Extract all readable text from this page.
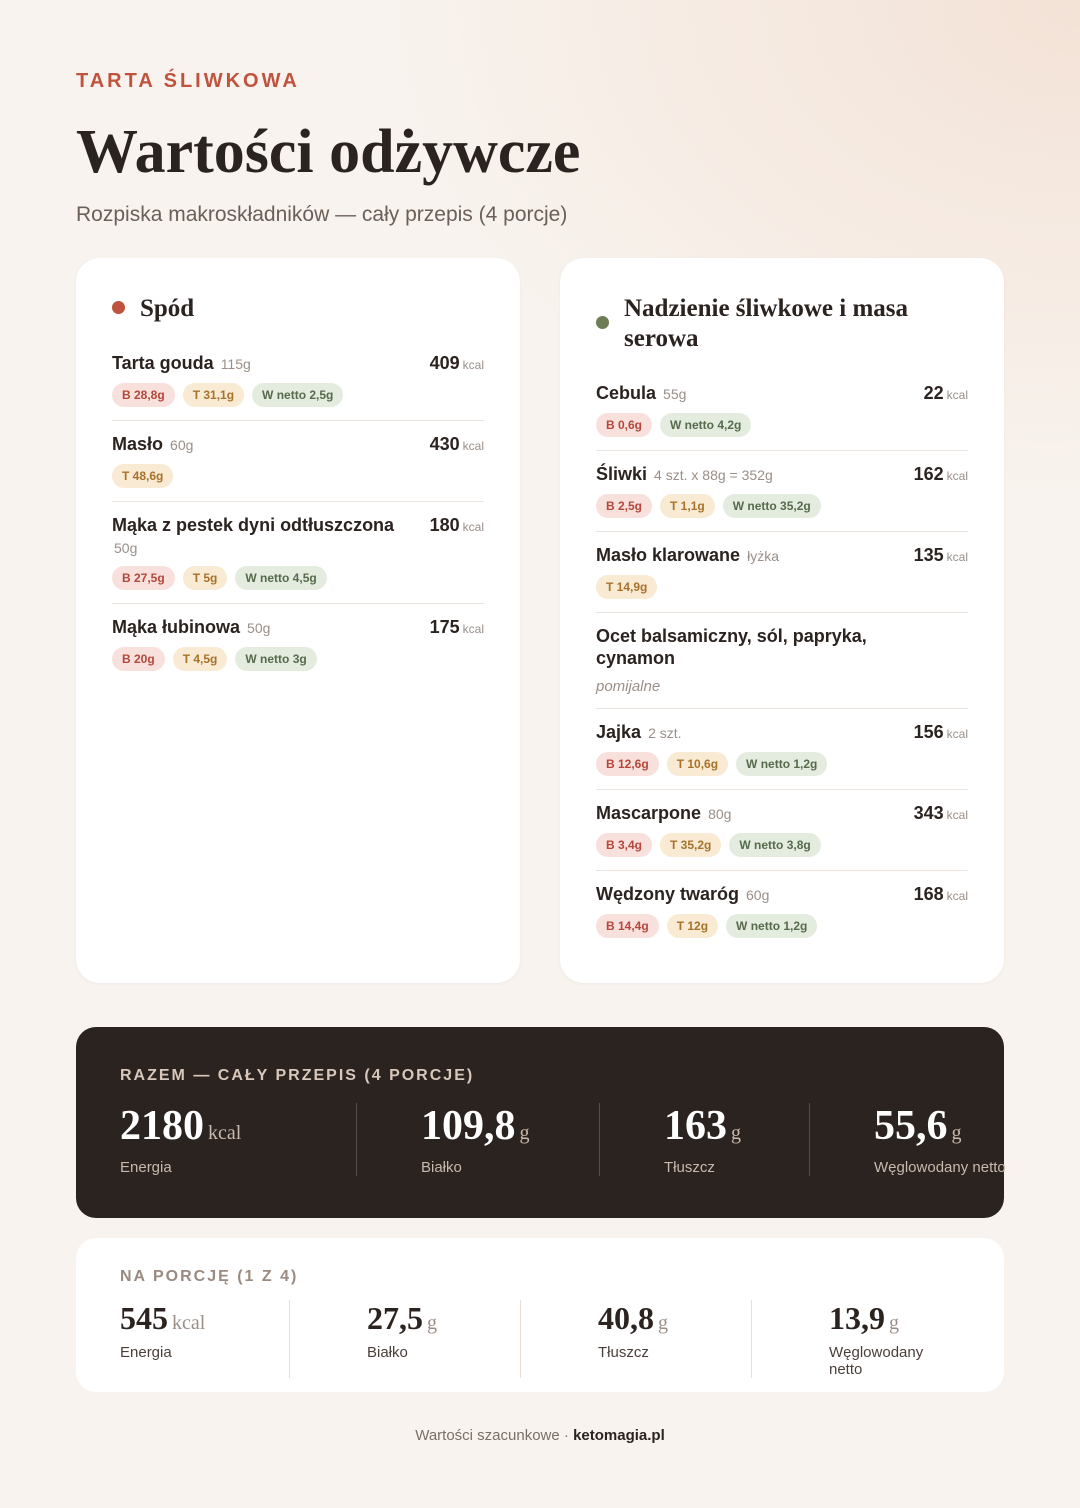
TARTA ŚLIWKOWA
Wartości odżywcze
Rozpiska makroskładników — cały przepis (4 porcje)
Spód
Tarta gouda 115g	409 kcal
B 28,8g	T 31,1g	W netto 2,5g
Masło 60g	430 kcal
T 48,6g
Mąka z pestek dyni odtłuszczona 50g
180 kcal
B 27,5g	T 5g	W netto 4,5g
Mąka łubinowa 50g	175 kcal
B 20g	T 4,5g	W netto 3g
Nadzienie śliwkowe i masa serowa
Cebula 55g	22 kcal
B 0,6g	W netto 4,2g
Śliwki 4 szt. x 88g = 352g	162 kcal
B 2,5g	T 1,1g	W netto 35,2g
Masło klarowane łyżka	135 kcal
T 14,9g
Ocet balsamiczny, sól, papryka, cynamon
pomijalne
Jajka 2 szt.	156 kcal
B 12,6g	T 10,6g	W netto 1,2g
Mascarpone 80g	343 kcal
B 3,4g	T 35,2g	W netto 3,8g
Wędzony twaróg 60g	168 kcal
B 14,4g	T 12g	W netto 1,2g
RAZEM — CAŁY PRZEPIS (4 PORCJE)
2180 kcal
Energia
109,8 g
Białko
163 g
Tłuszcz
55,6 g
Węglowodany netto
NA PORCJĘ (1 Z 4)
545 kcal
Energia
27,5 g
Białko
40,8 g
Tłuszcz
13,9 g
Węglowodany netto
Wartości szacunkowe · ketomagia.pl
